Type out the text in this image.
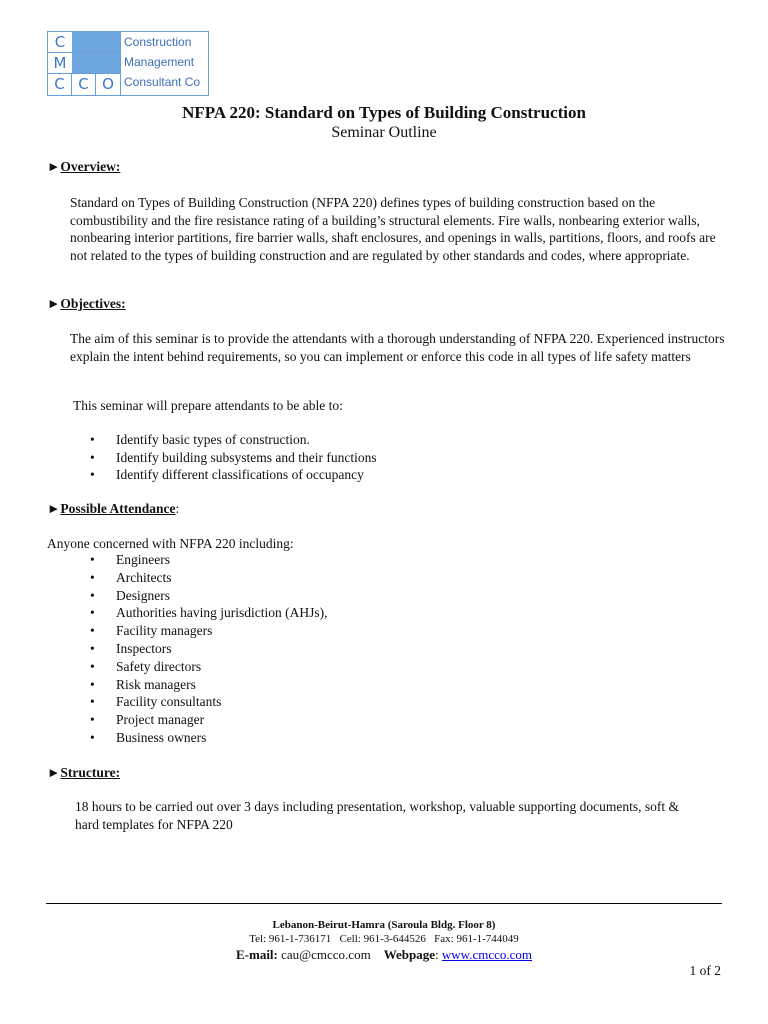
C
M
C C O
Construction
Management
Consultant Co
NFPA 220: Standard on Types of Building Construction
Seminar Outline
►Overview:
Standard on Types of Building Construction (NFPA 220) defines types of building construction based on the combustibility and the fire resistance rating of a building’s structural elements. Fire walls, nonbearing exterior walls, nonbearing interior partitions, fire barrier walls, shaft enclosures, and openings in walls, partitions, floors, and roofs are not related to the types of building construction and are regulated by other standards and codes, where appropriate.
►Objectives:
The aim of this seminar is to provide the attendants with a thorough understanding of NFPA 220. Experienced instructors explain the intent behind requirements, so you can implement or enforce this code in all types of life safety matters
This seminar will prepare attendants to be able to:
• Identify basic types of construction.
• Identify building subsystems and their functions
• Identify different classifications of occupancy
►Possible Attendance:
Anyone concerned with NFPA 220 including:
• Engineers
• Architects
• Designers
• Authorities having jurisdiction (AHJs),
• Facility managers
• Inspectors
• Safety directors
• Risk managers
• Facility consultants
• Project manager
• Business owners
►Structure:
18 hours to be carried out over 3 days including presentation, workshop, valuable supporting documents, soft & hard templates for NFPA 220
Lebanon-Beirut-Hamra (Saroula Bldg. Floor 8)
Tel: 961-1-736171   Cell: 961-3-644526   Fax: 961-1-744049
E-mail: cau@cmcco.com Webpage: www.cmcco.com
1 of 2
